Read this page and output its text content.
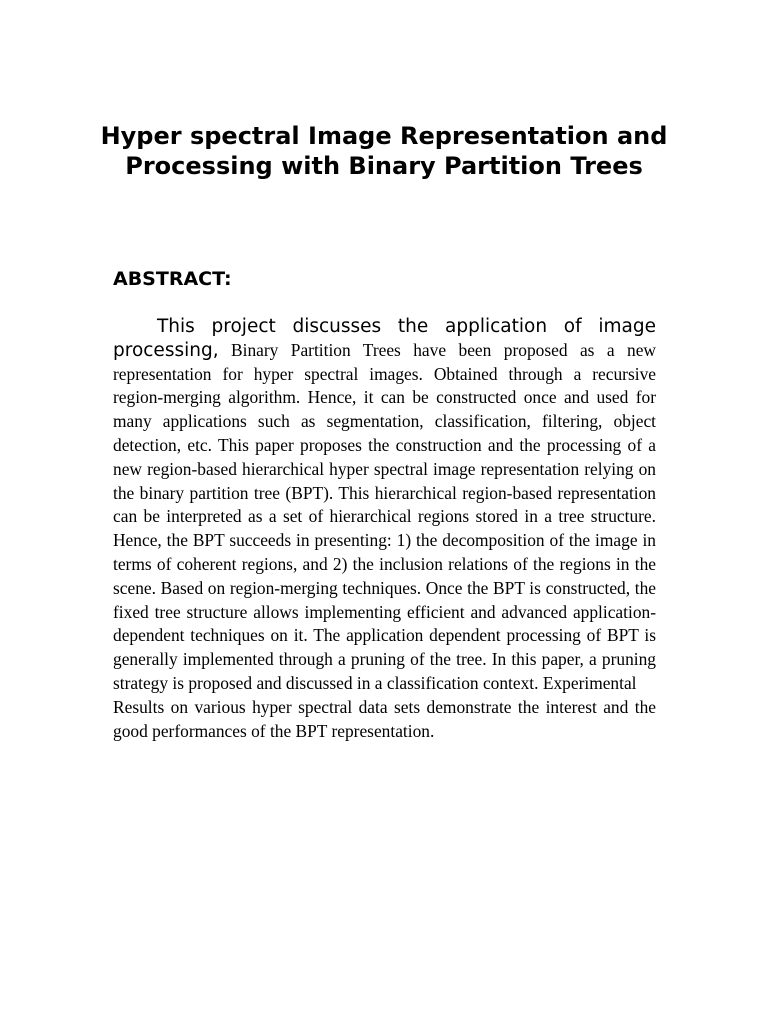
Hyper spectral Image Representation and Processing with Binary Partition Trees
ABSTRACT:

This project discusses the application of image processing, Binary Partition Trees have been proposed as a new representation for hyper spectral images. Obtained through a recursive region-merging algorithm. Hence, it can be constructed once and used for many applications such as segmentation, classification, filtering, object detection, etc. This paper proposes the construction and the processing of a new region-based hierarchical hyper spectral image representation relying on the binary partition tree (BPT). This hierarchical region-based representation can be interpreted as a set of hierarchical regions stored in a tree structure. Hence, the BPT succeeds in presenting: 1) the decomposition of the image in terms of coherent regions, and 2) the inclusion relations of the regions in the scene. Based on region-merging techniques. Once the BPT is constructed, the fixed tree structure allows implementing efficient and advanced application-dependent techniques on it. The application dependent processing of BPT is generally implemented through a pruning of the tree. In this paper, a pruning strategy is proposed and discussed in a classification context. Experimental

Results on various hyper spectral data sets demonstrate the interest and the good performances of the BPT representation.
